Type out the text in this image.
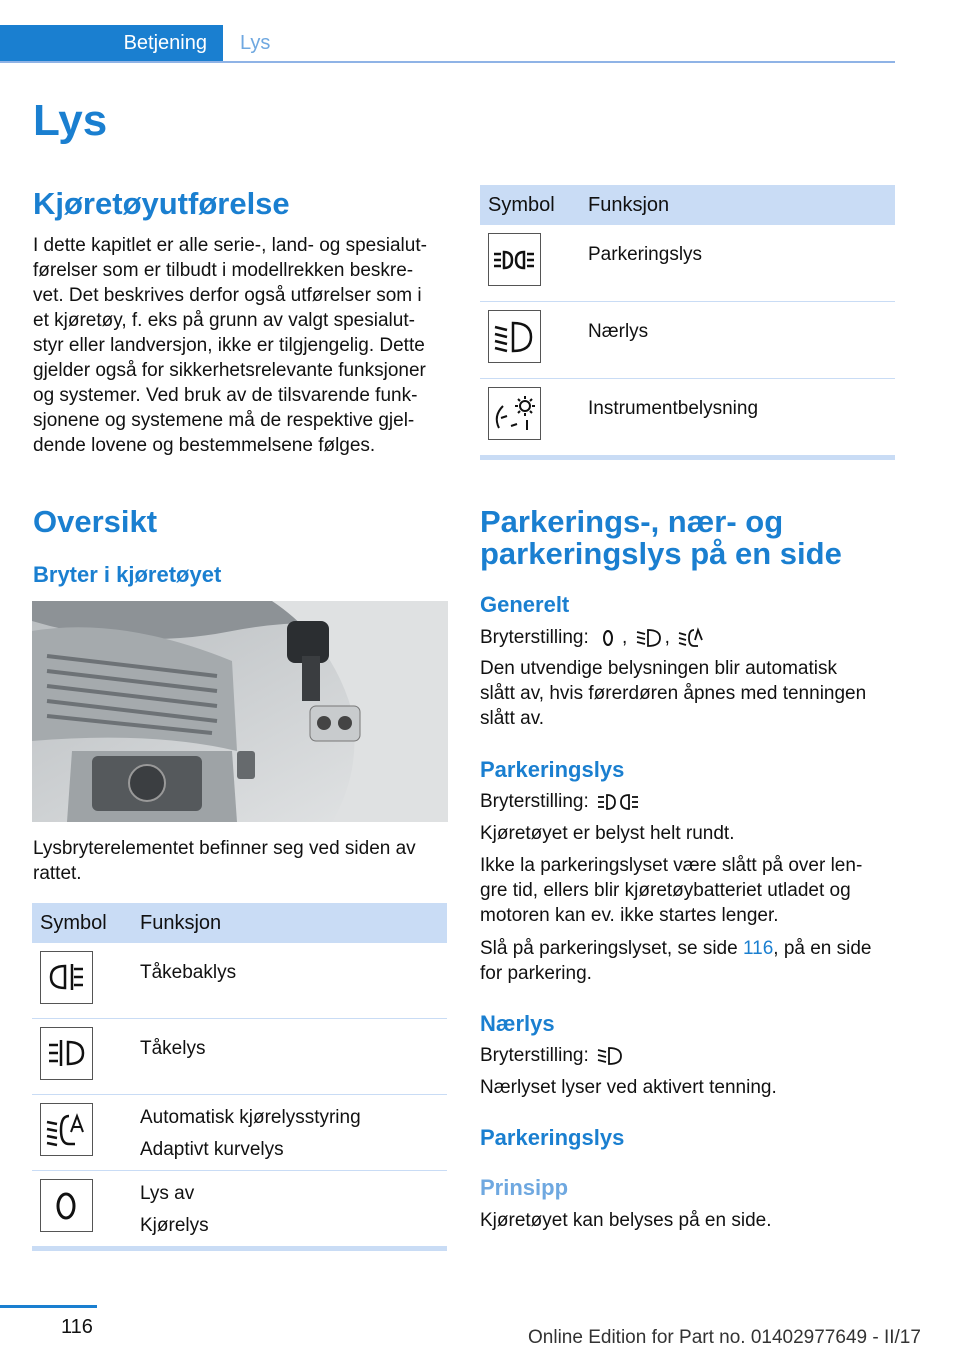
Betjening	Lys
Lys
Kjøretøyutførelse
I dette kapitlet er alle serie-, land- og spesialut-
førelser som er tilbudt i modellrekken beskre-
vet. Det beskrives derfor også utførelser som i
et kjøretøy, f. eks på grunn av valgt spesialut-
styr eller landversjon, ikke er tilgjengelig. Dette
gjelder også for sikkerhetsrelevante funksjoner
og systemer. Ved bruk av de tilsvarende funk-
sjonene og systemene må de respektive gjel-
dende lovene og bestemmelsene følges.
Oversikt
Bryter i kjøretøyet
Lysbryterelementet befinner seg ved siden av
rattet.
Symbol Funksjon
Tåkebaklys
Tåkelys
Automatisk kjørelysstyring
Adaptivt kurvelys
Lys av
Kjørelys
Symbol Funksjon
Parkeringslys
Nærlys
Instrumentbelysning
Parkerings-, nær- og
parkeringslys på en side
Generelt
Bryterstilling: , ,
Den utvendige belysningen blir automatisk
slått av, hvis førerdøren åpnes med tenningen
slått av.
Parkeringslys
Bryterstilling:
Kjøretøyet er belyst helt rundt.
Ikke la parkeringslyset være slått på over len-
gre tid, ellers blir kjøretøybatteriet utladet og
motoren kan ev. ikke startes lenger.
Slå på parkeringslyset, se side 116, på en side
for parkering.
Nærlys
Bryterstilling:
Nærlyset lyser ved aktivert tenning.
Parkeringslys
Prinsipp
Kjøretøyet kan belyses på en side.
116	Online Edition for Part no. 01402977649 - II/17
